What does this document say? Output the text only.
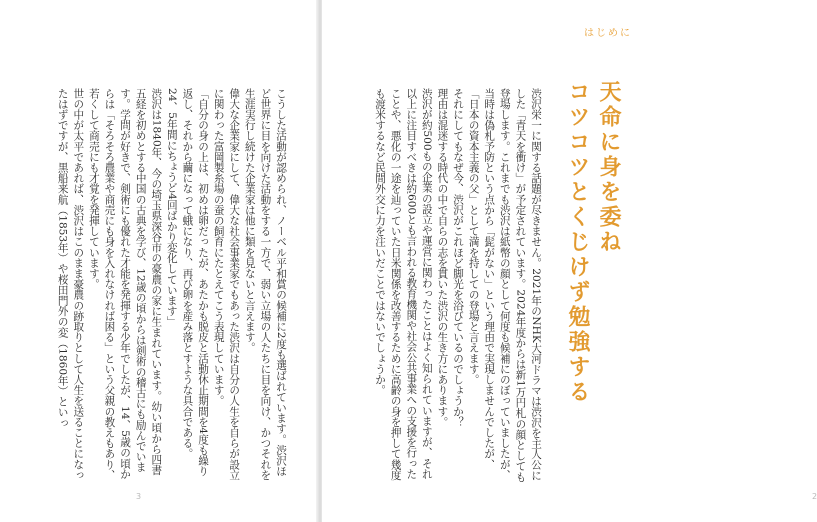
こうした活動が認められ、ノーベル平和賞の候補に2度も選ばれています。渋沢ほど世界に目を向けた活動をする一方で、弱い立場の人たちに目を向け、かつそれを生涯実行し続けた企業家は他に類を見ないと言えます。

偉大な企業家にして、偉大な社会事業家でもあった渋沢は自分の人生を自らが設立に関わった富岡製糸場の蚕の飼育にたとえてこう表現しています。

「自分の身の上は、初めは卵だったが、あたかも脱皮と活動休止期間を4度も繰り返し、それから繭になって蛾になり、再び卵を産み落とすような具合である。24、5年間にちょうど4回ばかり変化しています」

渋沢は1840年、今の埼玉県深谷市の豪農の家に生まれています。幼い頃から四書五経を初めとする中国の古典を学び、12歳の頃からは剣術の稽古にも励んでいます。学問が好きで、剣術にも優れた才能を発揮する少年でしたが、14、5歳の頃からは「そろそろ農業や商売にも身を入れなければ困る」という父親の教えもあり、若くして商売にも才覚を発揮しています。

世の中が太平であれば、渋沢はこのまま豪農の跡取りとして人生を送ることになったはずですが、黒船来航（1853年）や桜田門外の変（1860年）といっ

3
はじめに
2
天命に身を委ね
コツコツとくじけず勉強する

渋沢栄一に関する話題が尽きません。2021年のNHK大河ドラマは渋沢を主人公にした「青天を衝け」が予定されています。2024年度からは新1万円札の顔としても登場します。これまでも渋沢は紙幣の顔として何度も候補にのぼっていましたが、当時は偽札予防という点から「髭がない」という理由で実現しませんでしたが、「日本の資本主義の父」として満を持しての登場と言えます。

それにしてもなぜ今、渋沢がこれほど脚光を浴びているのでしょうか？

理由は混迷する時代の中で自らの志を貫いた渋沢の生き方にあります。

渋沢が約500もの企業の設立や運営に関わったことはよく知られていますが、それ以上に注目すべきは約600とも言われる教育機関や社会公共事業への支援を行ったことや、悪化の一途を辿っていた日米関係を改善するために高齢の身を押して幾度も渡米するなど民間外交に力を注いだことではないでしょうか。
